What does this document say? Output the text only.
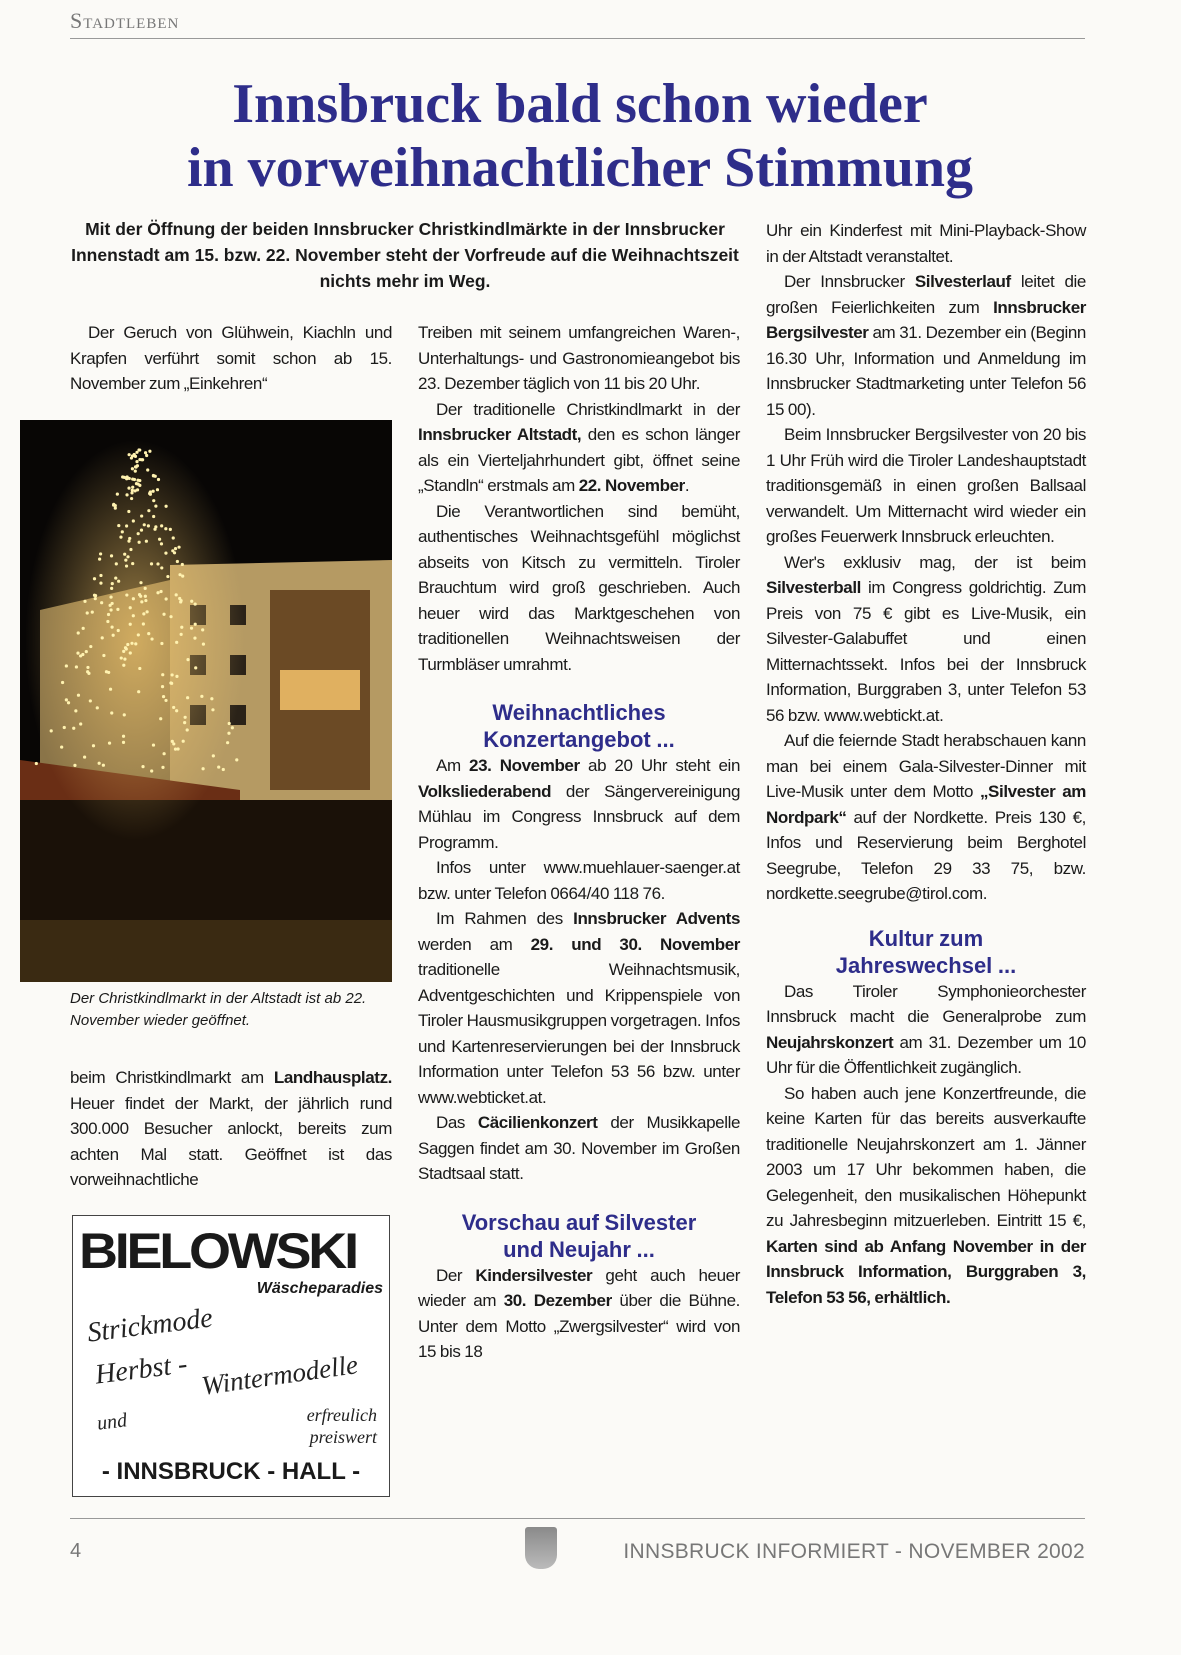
Stadtleben
Innsbruck bald schon wieder
in vorweihnachtlicher Stimmung
Mit der Öffnung der beiden Innsbrucker Christkindlmärkte in der Innsbrucker Innenstadt am 15. bzw. 22. November steht der Vorfreude auf die Weihnachtszeit nichts mehr im Weg.

Der Geruch von Glühwein, Kiachln und Krapfen verführt somit schon ab 15. November zum „Einkehren“

Der Christkindlmarkt in der Altstadt ist ab 22. November wieder geöffnet.

beim Christkindlmarkt am Landhausplatz. Heuer findet der Markt, der jährlich rund 300.000 Besucher anlockt, bereits zum achten Mal statt. Geöffnet ist das vorweihnachtliche

BIELOWSKI
Wäscheparadies
Strickmode
Herbst -
und
Wintermodelle
erfreulich
preiswert
- INNSBRUCK - HALL -

Treiben mit seinem umfangreichen Waren-, Unterhaltungs- und Gastronomieangebot bis 23. Dezember täglich von 11 bis 20 Uhr.

Der traditionelle Christkindlmarkt in der Innsbrucker Altstadt, den es schon länger als ein Vierteljahrhundert gibt, öffnet seine „Standln“ erstmals am 22. November.

Die Verantwortlichen sind bemüht, authentisches Weihnachtsgefühl möglichst abseits von Kitsch zu vermitteln. Tiroler Brauchtum wird groß geschrieben. Auch heuer wird das Marktgeschehen von traditionellen Weihnachtsweisen der Turmbläser umrahmt.

Weihnachtliches
Konzertangebot ...

Am 23. November ab 20 Uhr steht ein Volksliederabend der Sängervereinigung Mühlau im Congress Innsbruck auf dem Programm.

Infos unter www.muehlauer-saenger.at bzw. unter Telefon 0664/40 118 76.

Im Rahmen des Innsbrucker Advents werden am 29. und 30. November traditionelle Weihnachtsmusik, Adventgeschichten und Krippenspiele von Tiroler Hausmusikgruppen vorgetragen. Infos und Kartenreservierungen bei der Innsbruck Information unter Telefon 53 56 bzw. unter www.webticket.at.

Das Cäcilienkonzert der Musikkapelle Saggen findet am 30. November im Großen Stadtsaal statt.

Vorschau auf Silvester
und Neujahr ...

Der Kindersilvester geht auch heuer wieder am 30. Dezember über die Bühne. Unter dem Motto „Zwergsilvester“ wird von 15 bis 18

Uhr ein Kinderfest mit Mini-Playback-Show in der Altstadt veranstaltet.

Der Innsbrucker Silvesterlauf leitet die großen Feierlichkeiten zum Innsbrucker Bergsilvester am 31. Dezember ein (Beginn 16.30 Uhr, Information und Anmeldung im Innsbrucker Stadtmarketing unter Telefon 56 15 00).

Beim Innsbrucker Bergsilvester von 20 bis 1 Uhr Früh wird die Tiroler Landeshauptstadt traditionsgemäß in einen großen Ballsaal verwandelt. Um Mitternacht wird wieder ein großes Feuerwerk Innsbruck erleuchten.

Wer's exklusiv mag, der ist beim Silvesterball im Congress goldrichtig. Zum Preis von 75 € gibt es Live-Musik, ein Silvester-Galabuffet und einen Mitternachtssekt. Infos bei der Innsbruck Information, Burggraben 3, unter Telefon 53 56 bzw. www.webtickt.at.

Auf die feiernde Stadt herabschauen kann man bei einem Gala-Silvester-Dinner mit Live-Musik unter dem Motto „Silvester am Nordpark“ auf der Nordkette. Preis 130 €, Infos und Reservierung beim Berghotel Seegrube, Telefon 29 33 75, bzw. nordkette.seegrube@tirol.com.

Kultur zum
Jahreswechsel ...

Das Tiroler Symphonieorchester Innsbruck macht die Generalprobe zum Neujahrskonzert am 31. Dezember um 10 Uhr für die Öffentlichkeit zugänglich.

So haben auch jene Konzertfreunde, die keine Karten für das bereits ausverkaufte traditionelle Neujahrskonzert am 1. Jänner 2003 um 17 Uhr bekommen haben, die Gelegenheit, den musikalischen Höhepunkt zu Jahresbeginn mitzuerleben. Eintritt 15 €, Karten sind ab Anfang November in der Innsbruck Information, Burggraben 3, Telefon 53 56, erhältlich.

4	INNSBRUCK INFORMIERT - NOVEMBER 2002
